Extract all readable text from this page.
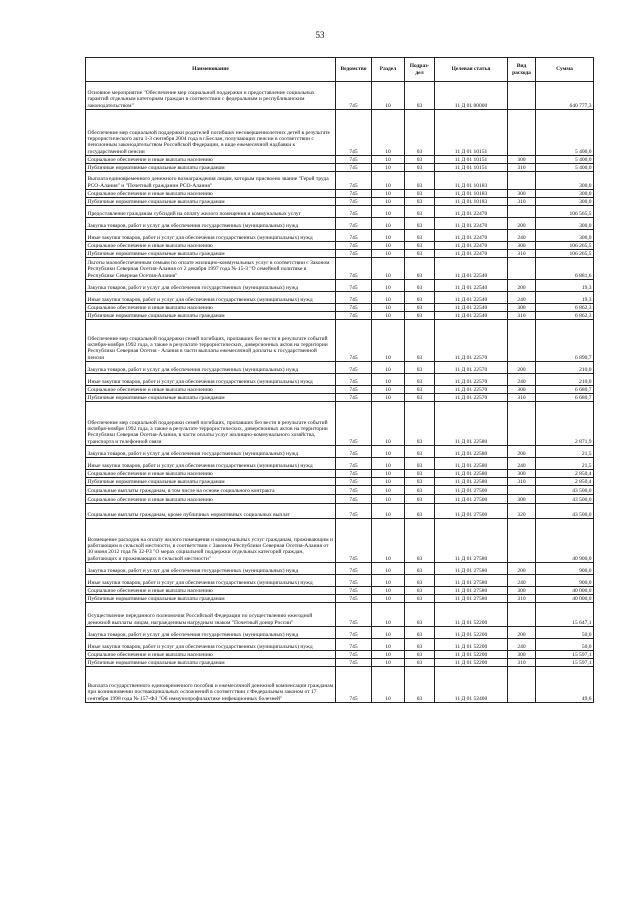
53
Наименование	Ведомство	Раздел	Подраз-дел	Целевая статья	Вид расхода	Сумма
Основное мероприятие "Обеспечение мер социальной поддержки и предоставление социальных гарантий отдельным категориям граждан в соответствии с федеральным и республиканским законодательством"	745	10	03	11 Д 01 00000		640 777,3
Обеспечение мер социальной поддержки родителей погибших несовершеннолетних детей в результате террористического акта 1-3 сентября 2004 года в г.Беслан, получающих пенсии в соответствии с пенсионным законодательством Российской Федерации, в виде ежемесячной надбавки к государственной пенсии	745	10	03	11 Д 01 10151		5 400,0
Социальное обеспечение и иные выплаты населению	745	10	03	11 Д 01 10151	300	5 400,0
Публичные нормативные социальные выплаты гражданам	745	10	03	11 Д 01 10151	310	5 400,0
Выплата единовременного денежного вознаграждения лицам, которым присвоено звание "Герой труда РСО-Алания" и "Почетный гражданин РСО-Алания"	745	10	03	11 Д 01 10183		300,0
Социальное обеспечение и иные выплаты населению	745	10	03	11 Д 01 10183	300	300,0
Публичные нормативные социальные выплаты гражданам	745	10	03	11 Д 01 10183	310	300,0
Предоставление гражданам субсидий на оплату жилого помещения и коммунальных услуг	745	10	03	11 Д 01 22470		106 565,5
Закупка товаров, работ и услуг для обеспечения государственных (муниципальных) нужд	745	10	03	11 Д 01 22470	200	300,0
Иные закупки товаров, работ и услуг для обеспечения государственных (муниципальных) нужд	745	10	03	11 Д 01 22470	240	300,0
Социальное обеспечение и иные выплаты населению	745	10	03	11 Д 01 22470	300	106 265,5
Публичные нормативные социальные выплаты гражданам	745	10	03	11 Д 01 22470	310	106 265,5
Льготы малообеспеченным семьям по оплате жилищно-коммунальных услуг в соответствии с Законом Республики Северная Осетия-Алания от 2 декабря 1997 года № 15-3 "О семейной политике в Республике Северная Осетия-Алания"	745	10	03	11 Д 01 22540		6 881,6
Закупка товаров, работ и услуг для обеспечения государственных (муниципальных) нужд	745	10	03	11 Д 01 22540	200	19,3
Иные закупки товаров, работ и услуг для обеспечения государственных (муниципальных) нужд	745	10	03	11 Д 01 22540	240	19,3
Социальное обеспечение и иные выплаты населению	745	10	03	11 Д 01 22540	300	6 862,3
Публичные нормативные социальные выплаты гражданам	745	10	03	11 Д 01 22540	310	6 862,3
Обеспечение мер социальной поддержки семей погибших, пропавших без вести в результате событий октября-ноября 1992 года, а также в результате террористических, диверсионных актов на территории Республики Северная Осетия - Алания в части выплаты ежемесячной доплаты к государственной пенсии	745	10	03	11 Д 01 22570		6 890,7
Закупка товаров, работ и услуг для обеспечения государственных (муниципальных) нужд	745	10	03	11 Д 01 22570	200	210,0
Иные закупки товаров, работ и услуг для обеспечения государственных (муниципальных) нужд	745	10	03	11 Д 01 22570	240	210,0
Социальное обеспечение и иные выплаты населению	745	10	03	11 Д 01 22570	300	6 680,7
Публичные нормативные социальные выплаты гражданам	745	10	03	11 Д 01 22570	310	6 680,7
Обеспечение мер социальной поддержки семей погибших, пропавших без вести в результате событий октября-ноября 1992 года, а также в результате террористических, диверсионных актов на территории Республики Северная Осетия-Алания, в части оплаты услуг жилищно-коммунального хозяйства, транспорта и телефонной связи	745	10	03	11 Д 01 22580		2 871,9
Закупка товаров, работ и услуг для обеспечения государственных (муниципальных) нужд	745	10	03	11 Д 01 22580	200	21,5
Иные закупки товаров, работ и услуг для обеспечения государственных (муниципальных) нужд	745	10	03	11 Д 01 22580	240	21,5
Социальное обеспечение и иные выплаты населению	745	10	03	11 Д 01 22580	300	2 850,4
Публичные нормативные социальные выплаты гражданам	745	10	03	11 Д 01 22580	310	2 850,4
Социальные выплаты гражданам, в том числе на основе социального контракта	745	10	03	11 Д 01 27500		43 500,0
Социальное обеспечение и иные выплаты населению	745	10	03	11 Д 01 27500	300	43 500,0
Социальные выплаты гражданам, кроме публичных нормативных социальных выплат	745	10	03	11 Д 01 27500	320	43 500,0
Возмещение расходов на оплату жилого помещения и коммунальных услуг гражданам, проживающим и работающим в сельской местности, в соответствии с Законом Республики Северная Осетия-Алания от 30 июня 2012 года № 32-РЗ "О мерах социальной поддержки отдельных категорий граждан, работающих и проживающих в сельской местности"	745	10	03	11 Д 01 27580		40 900,0
Закупка товаров, работ и услуг для обеспечения государственных (муниципальных) нужд	745	10	03	11 Д 01 27580	200	900,0
Иные закупки товаров, работ и услуг для обеспечения государственных (муниципальных) нужд	745	10	03	11 Д 01 27580	240	900,0
Социальное обеспечение и иные выплаты населению	745	10	03	11 Д 01 27580	300	40 000,0
Публичные нормативные социальные выплаты гражданам	745	10	03	11 Д 01 27580	310	40 000,0
Осуществление переданного полномочия Российской Федерации по осуществлению ежегодной денежной выплаты лицам, награжденным нагрудным знаком "Почетный донор России"	745	10	03	11 Д 01 52200		15 647,1
Закупка товаров, работ и услуг для обеспечения государственных (муниципальных) нужд	745	10	03	11 Д 01 52200	200	50,0
Иные закупки товаров, работ и услуг для обеспечения государственных (муниципальных) нужд	745	10	03	11 Д 01 52200	240	50,0
Социальное обеспечение и иные выплаты населению	745	10	03	11 Д 01 52200	300	15 597,1
Публичные нормативные социальные выплаты гражданам	745	10	03	11 Д 01 52200	310	15 597,1
Выплата государственного единовременного пособия и ежемесячной денежной компенсации гражданам при возникновении поствакцинальных осложнений в соответствии с Федеральным законом от 17 сентября 1998 года № 157-ФЗ "Об иммунопрофилактике инфекционных болезней"	745	10	03	11 Д 01 52400		49,6
